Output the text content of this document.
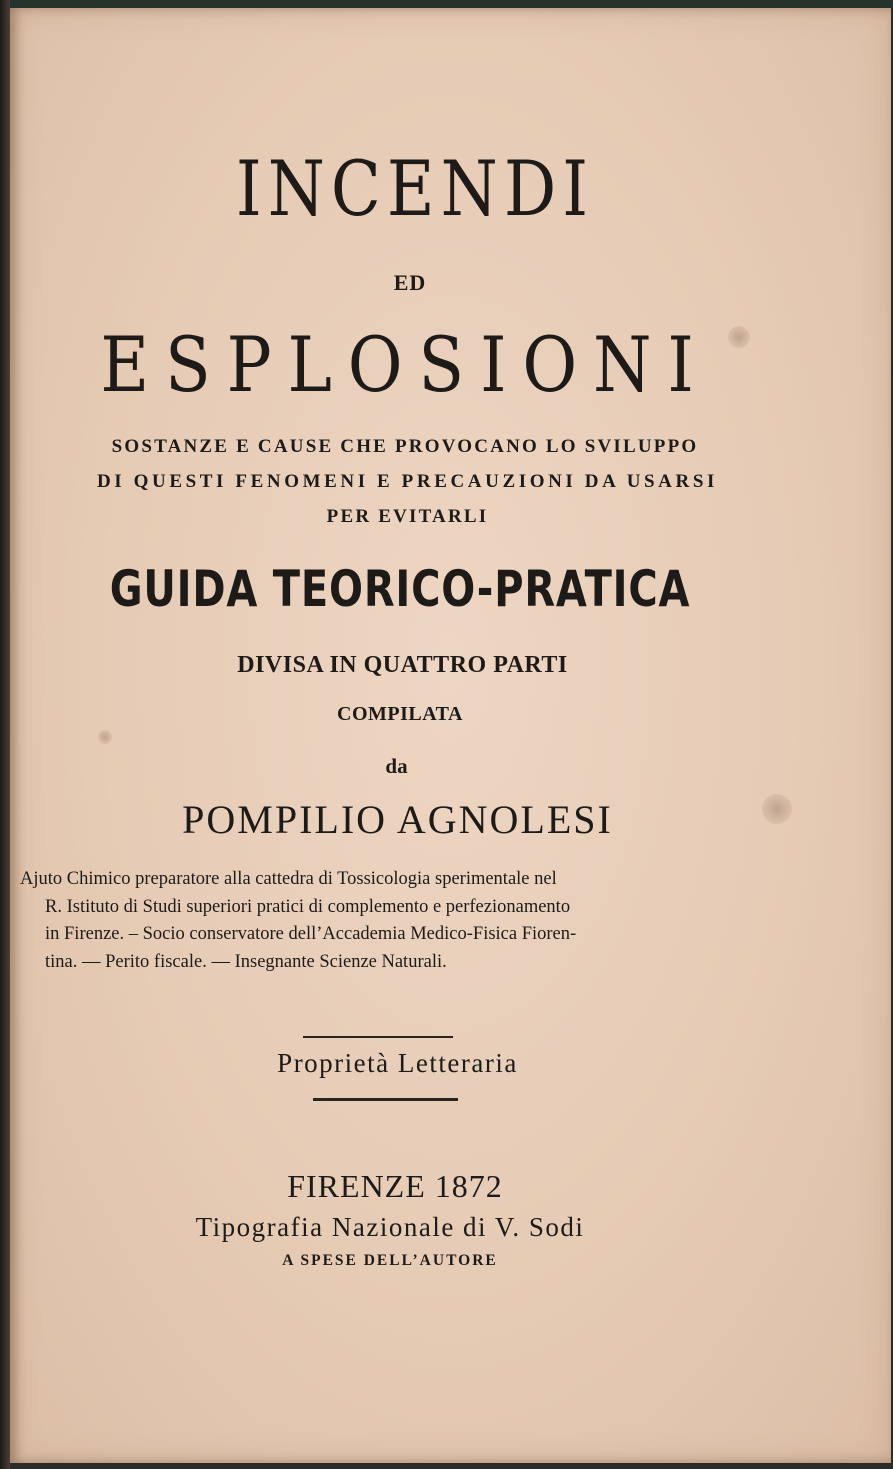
INCENDI
ED
ESPLOSIONI
SOSTANZE E CAUSE CHE PROVOCANO LO SVILUPPO
DI QUESTI FENOMENI E PRECAUZIONI DA USARSI
PER EVITARLI
GUIDA TEORICO-PRATICA
DIVISA IN QUATTRO PARTI
COMPILATA
da
POMPILIO AGNOLESI
Ajuto Chimico preparatore alla cattedra di Tossicologia sperimentale nel
R. Istituto di Studi superiori pratici di complemento e perfezionamento
in Firenze. – Socio conservatore dell’Accademia Medico-Fisica Fioren-
tina. — Perito fiscale. — Insegnante Scienze Naturali.
Proprietà Letteraria
FIRENZE 1872
Tipografia Nazionale di V. Sodi
A SPESE DELL’AUTORE
